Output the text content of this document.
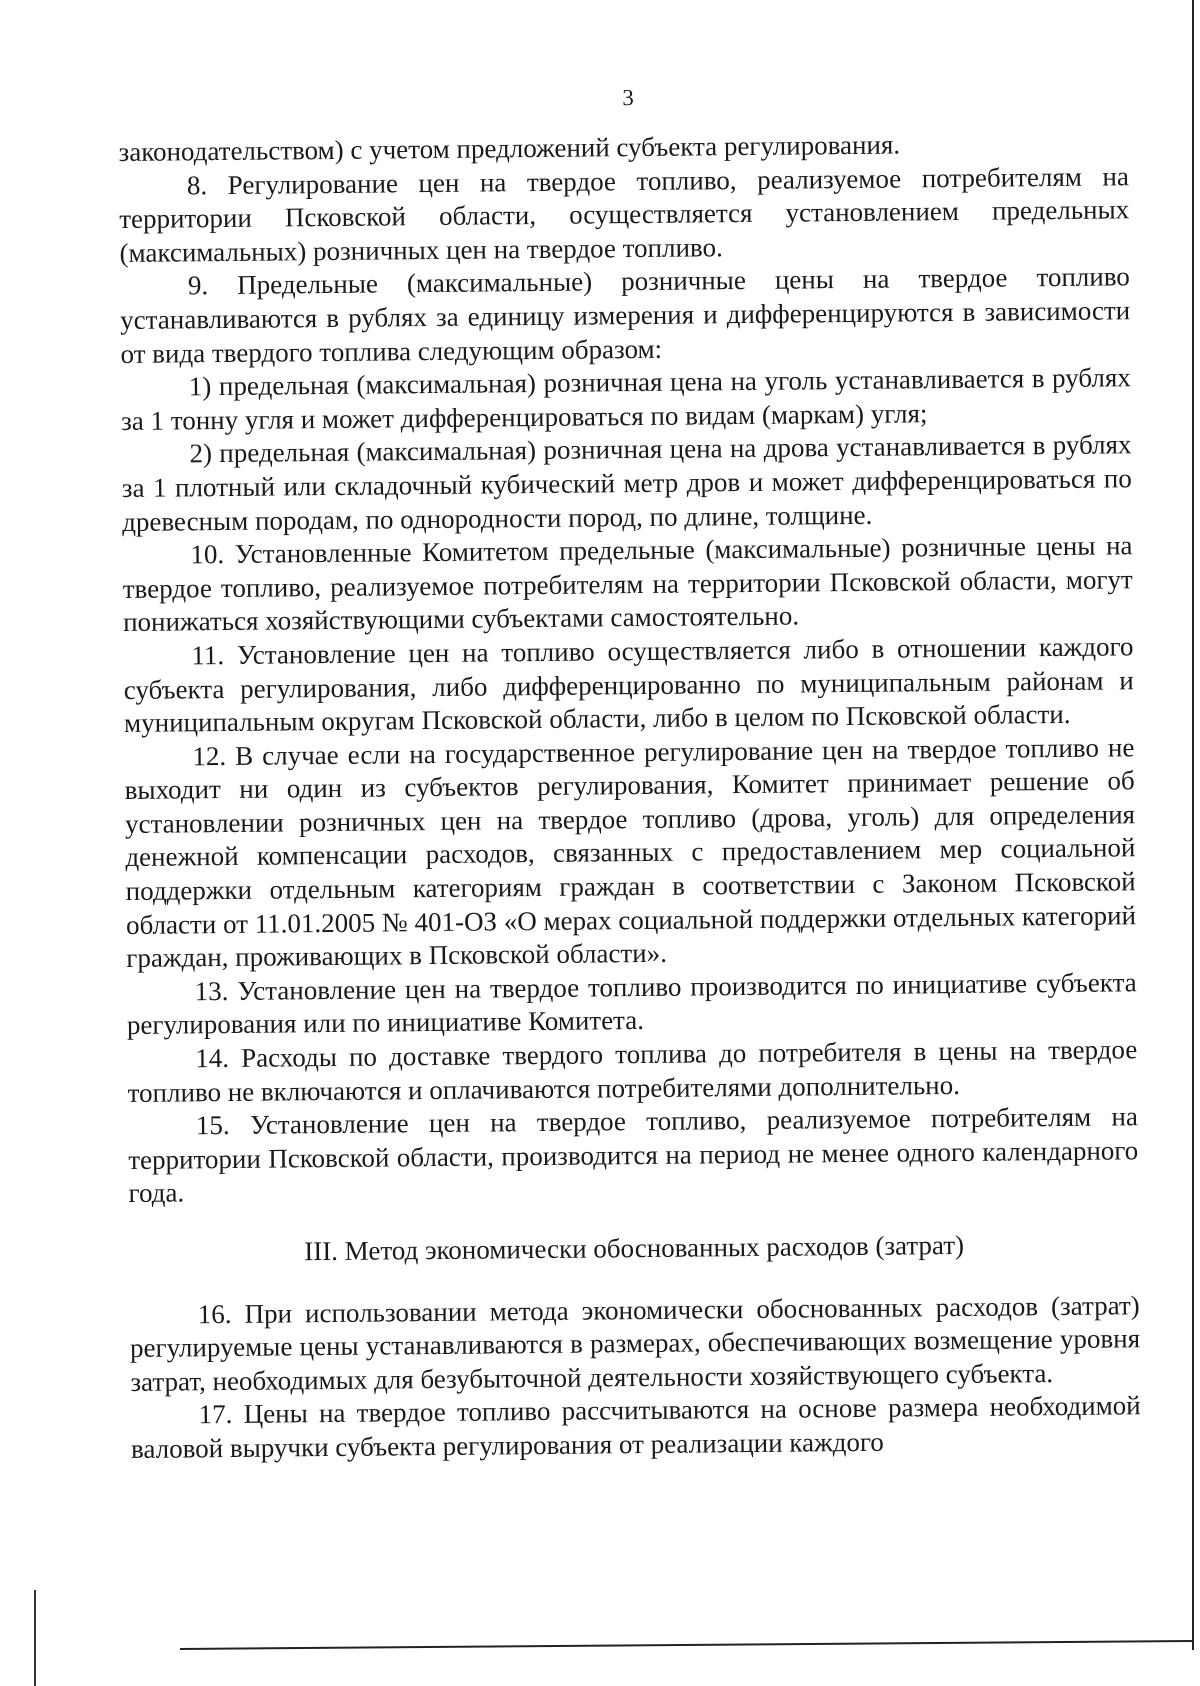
3

законодательством) с учетом предложений субъекта регулирования.

8. Регулирование цен на твердое топливо, реализуемое потребителям на территории Псковской области, осуществляется установлением предельных (максимальных) розничных цен на твердое топливо.

9. Предельные (максимальные) розничные цены на твердое топливо устанавливаются в рублях за единицу измерения и дифференцируются в зависимости от вида твердого топлива следующим образом:

1) предельная (максимальная) розничная цена на уголь устанавливается в рублях за 1 тонну угля и может дифференцироваться по видам (маркам) угля;

2) предельная (максимальная) розничная цена на дрова устанавливается в рублях за 1 плотный или складочный кубический метр дров и может дифференцироваться по древесным породам, по однородности пород, по длине, толщине.

10. Установленные Комитетом предельные (максимальные) розничные цены на твердое топливо, реализуемое потребителям на территории Псковской области, могут понижаться хозяйствующими субъектами самостоятельно.

11. Установление цен на топливо осуществляется либо в отношении каждого субъекта регулирования, либо дифференцированно по муниципальным районам и муниципальным округам Псковской области, либо в целом по Псковской области.

12. В случае если на государственное регулирование цен на твердое топливо не выходит ни один из субъектов регулирования, Комитет принимает решение об установлении розничных цен на твердое топливо (дрова, уголь) для определения денежной компенсации расходов, связанных с предоставлением мер социальной поддержки отдельным категориям граждан в соответствии с Законом Псковской области от 11.01.2005 № 401-ОЗ «О мерах социальной поддержки отдельных категорий граждан, проживающих в Псковской области».

13. Установление цен на твердое топливо производится по инициативе субъекта регулирования или по инициативе Комитета.

14. Расходы по доставке твердого топлива до потребителя в цены на твердое топливо не включаются и оплачиваются потребителями дополнительно.

15. Установление цен на твердое топливо, реализуемое потребителям на территории Псковской области, производится на период не менее одного календарного года.

III. Метод экономически обоснованных расходов (затрат)

16. При использовании метода экономически обоснованных расходов (затрат) регулируемые цены устанавливаются в размерах, обеспечивающих возмещение уровня затрат, необходимых для безубыточной деятельности хозяйствующего субъекта.

17. Цены на твердое топливо рассчитываются на основе размера необходимой валовой выручки субъекта регулирования от реализации каждого
